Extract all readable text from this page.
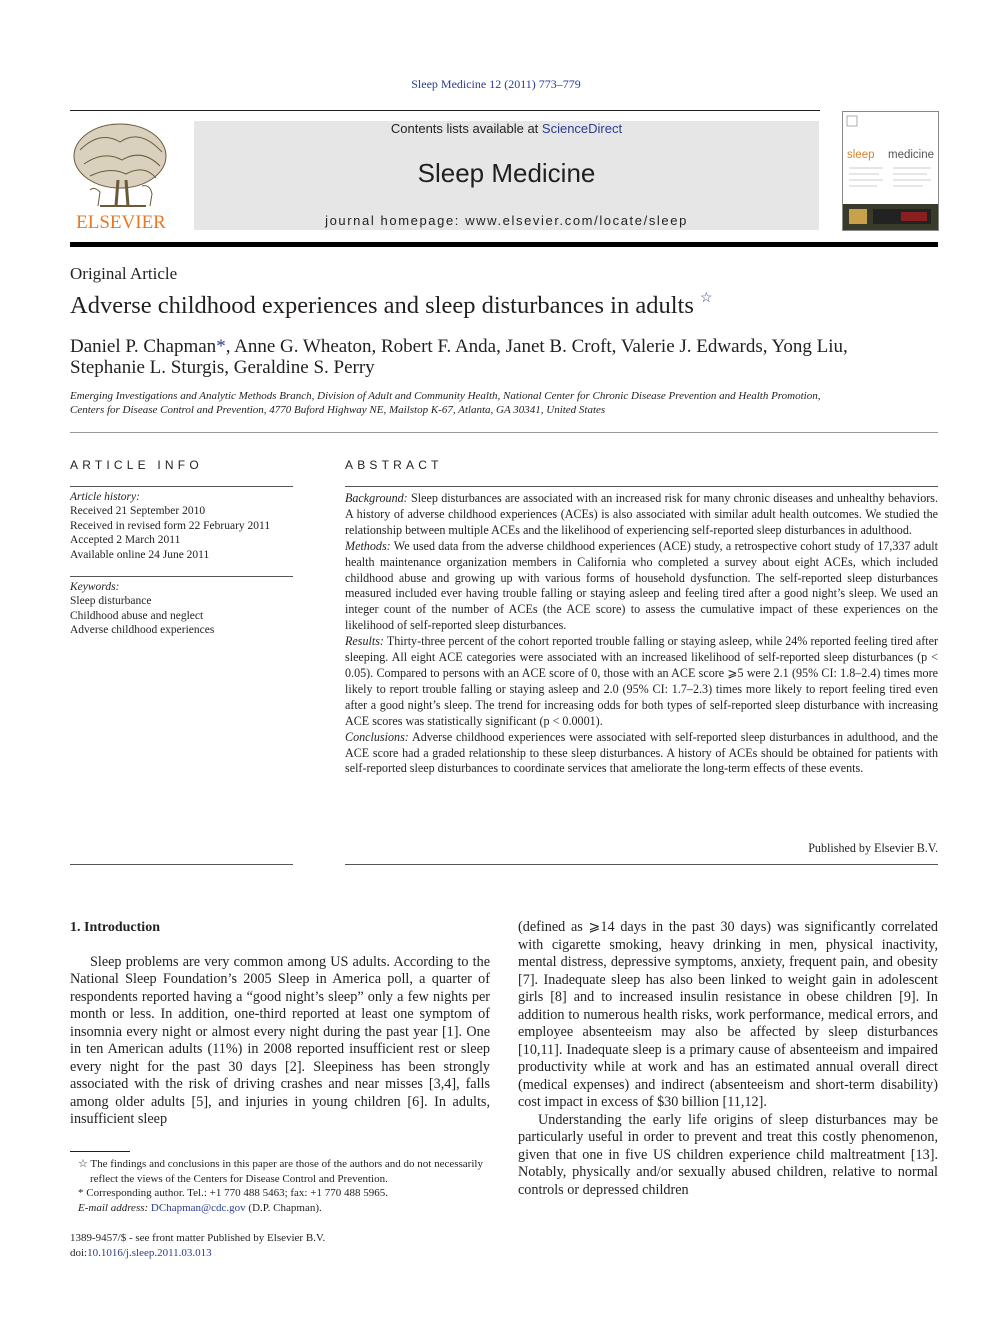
Sleep Medicine 12 (2011) 773–779
ELSEVIER
Contents lists available at ScienceDirect
Sleep Medicine
journal homepage: www.elsevier.com/locate/sleep
sleep medicine
Original Article
Adverse childhood experiences and sleep disturbances in adults ☆
Daniel P. Chapman*, Anne G. Wheaton, Robert F. Anda, Janet B. Croft, Valerie J. Edwards, Yong Liu,
Stephanie L. Sturgis, Geraldine S. Perry
Emerging Investigations and Analytic Methods Branch, Division of Adult and Community Health, National Center for Chronic Disease Prevention and Health Promotion,
Centers for Disease Control and Prevention, 4770 Buford Highway NE, Mailstop K-67, Atlanta, GA 30341, United States
ARTICLE INFO
Article history:
Received 21 September 2010
Received in revised form 22 February 2011
Accepted 2 March 2011
Available online 24 June 2011
Keywords:
Sleep disturbance
Childhood abuse and neglect
Adverse childhood experiences
ABSTRACT

Background: Sleep disturbances are associated with an increased risk for many chronic diseases and unhealthy behaviors. A history of adverse childhood experiences (ACEs) is also associated with similar adult health outcomes. We studied the relationship between multiple ACEs and the likelihood of experiencing self-reported sleep disturbances in adulthood.

Methods: We used data from the adverse childhood experiences (ACE) study, a retrospective cohort study of 17,337 adult health maintenance organization members in California who completed a survey about eight ACEs, which included childhood abuse and growing up with various forms of household dysfunction. The self-reported sleep disturbances measured included ever having trouble falling or staying asleep and feeling tired after a good night’s sleep. We used an integer count of the number of ACEs (the ACE score) to assess the cumulative impact of these experiences on the likelihood of self-reported sleep disturbances.

Results: Thirty-three percent of the cohort reported trouble falling or staying asleep, while 24% reported feeling tired after sleeping. All eight ACE categories were associated with an increased likelihood of self-reported sleep disturbances (p < 0.05). Compared to persons with an ACE score of 0, those with an ACE score ⩾5 were 2.1 (95% CI: 1.8–2.4) times more likely to report trouble falling or staying asleep and 2.0 (95% CI: 1.7–2.3) times more likely to report feeling tired even after a good night’s sleep. The trend for increasing odds for both types of self-reported sleep disturbance with increasing ACE scores was statistically significant (p < 0.0001).

Conclusions: Adverse childhood experiences were associated with self-reported sleep disturbances in adulthood, and the ACE score had a graded relationship to these sleep disturbances. A history of ACEs should be obtained for patients with self-reported sleep disturbances to coordinate services that ameliorate the long-term effects of these events.

Published by Elsevier B.V.
1. Introduction

Sleep problems are very common among US adults. According to the National Sleep Foundation’s 2005 Sleep in America poll, a quarter of respondents reported having a “good night’s sleep” only a few nights per month or less. In addition, one-third reported at least one symptom of insomnia every night or almost every night during the past year [1]. One in ten American adults (11%) in 2008 reported insufficient rest or sleep every night for the past 30 days [2]. Sleepiness has been strongly associated with the risk of driving crashes and near misses [3,4], falls among older adults [5], and injuries in young children [6]. In adults, insufficient sleep

(defined as ⩾14 days in the past 30 days) was significantly correlated with cigarette smoking, heavy drinking in men, physical inactivity, mental distress, depressive symptoms, anxiety, frequent pain, and obesity [7]. Inadequate sleep has also been linked to weight gain in adolescent girls [8] and to increased insulin resistance in obese children [9]. In addition to numerous health risks, work performance, medical errors, and employee absenteeism may also be affected by sleep disturbances [10,11]. Inadequate sleep is a primary cause of absenteeism and impaired productivity while at work and has an estimated annual overall direct (medical expenses) and indirect (absenteeism and short-term disability) cost impact in excess of $30 billion [11,12].

Understanding the early life origins of sleep disturbances may be particularly useful in order to prevent and treat this costly phenomenon, given that one in five US children experience child maltreatment [13]. Notably, physically and/or sexually abused children, relative to normal controls or depressed children

☆ The findings and conclusions in this paper are those of the authors and do not necessarily reflect the views of the Centers for Disease Control and Prevention.

* Corresponding author. Tel.: +1 770 488 5463; fax: +1 770 488 5965.

E-mail address: DChapman@cdc.gov (D.P. Chapman).

1389-9457/$ - see front matter Published by Elsevier B.V.
doi:10.1016/j.sleep.2011.03.013
